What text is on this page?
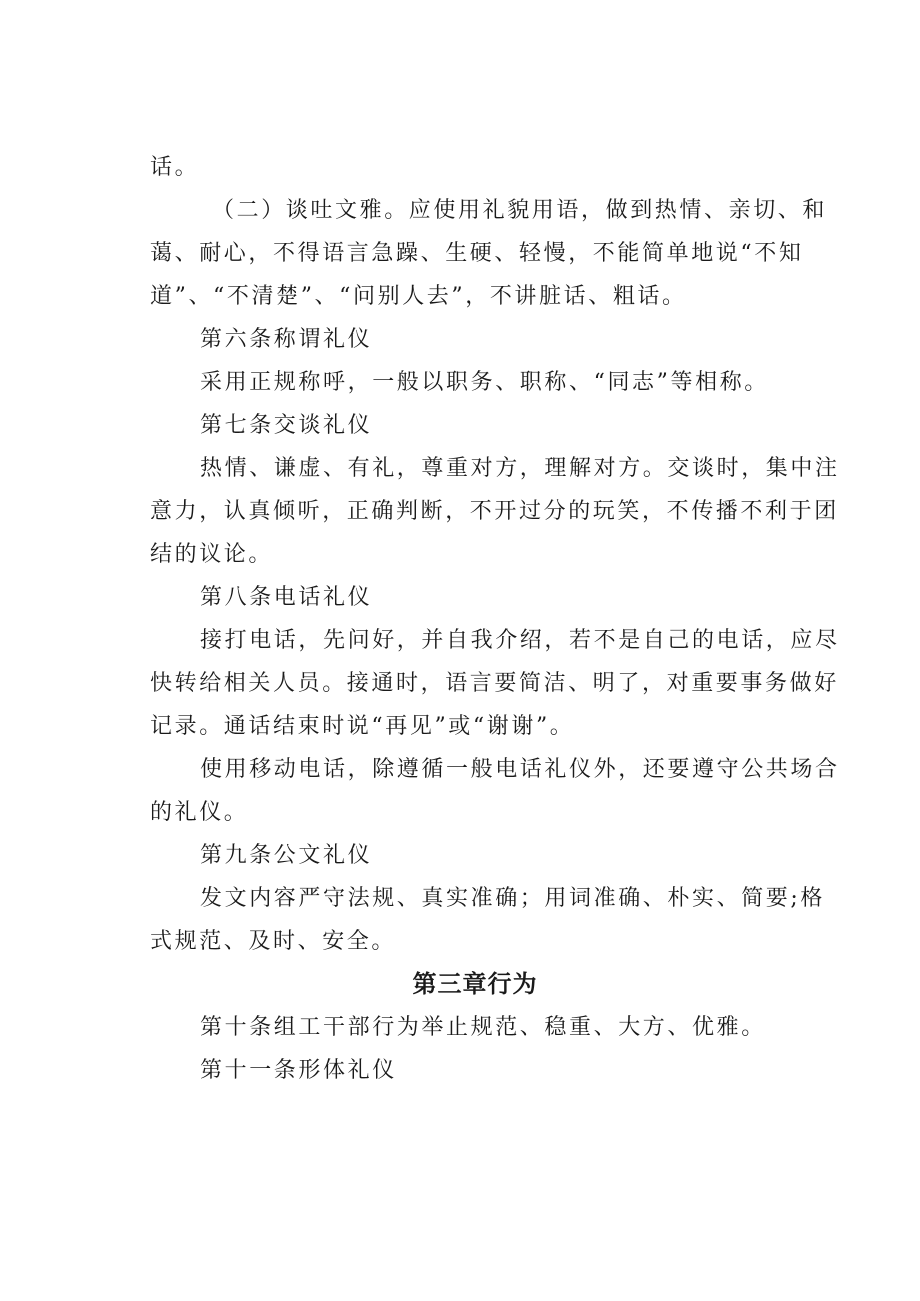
话。
（二）谈吐文雅。应使用礼貌用语，做到热情、亲切、和
蔼、耐心，不得语言急躁、生硬、轻慢，不能简单地说“不知
道”、“不清楚”、“问别人去”，不讲脏话、粗话。
第六条称谓礼仪
采用正规称呼，一般以职务、职称、“同志”等相称。
第七条交谈礼仪
热情、谦虚、有礼，尊重对方，理解对方。交谈时，集中注
意力，认真倾听，正确判断，不开过分的玩笑，不传播不利于团
结的议论。
第八条电话礼仪
接打电话，先问好，并自我介绍，若不是自己的电话，应尽
快转给相关人员。接通时，语言要简洁、明了，对重要事务做好
记录。通话结束时说“再见”或“谢谢”。
使用移动电话，除遵循一般电话礼仪外，还要遵守公共场合
的礼仪。
第九条公文礼仪
发文内容严守法规、真实准确；用词准确、朴实、简要;格
式规范、及时、安全。
第三章行为
第十条组工干部行为举止规范、稳重、大方、优雅。
第十一条形体礼仪
